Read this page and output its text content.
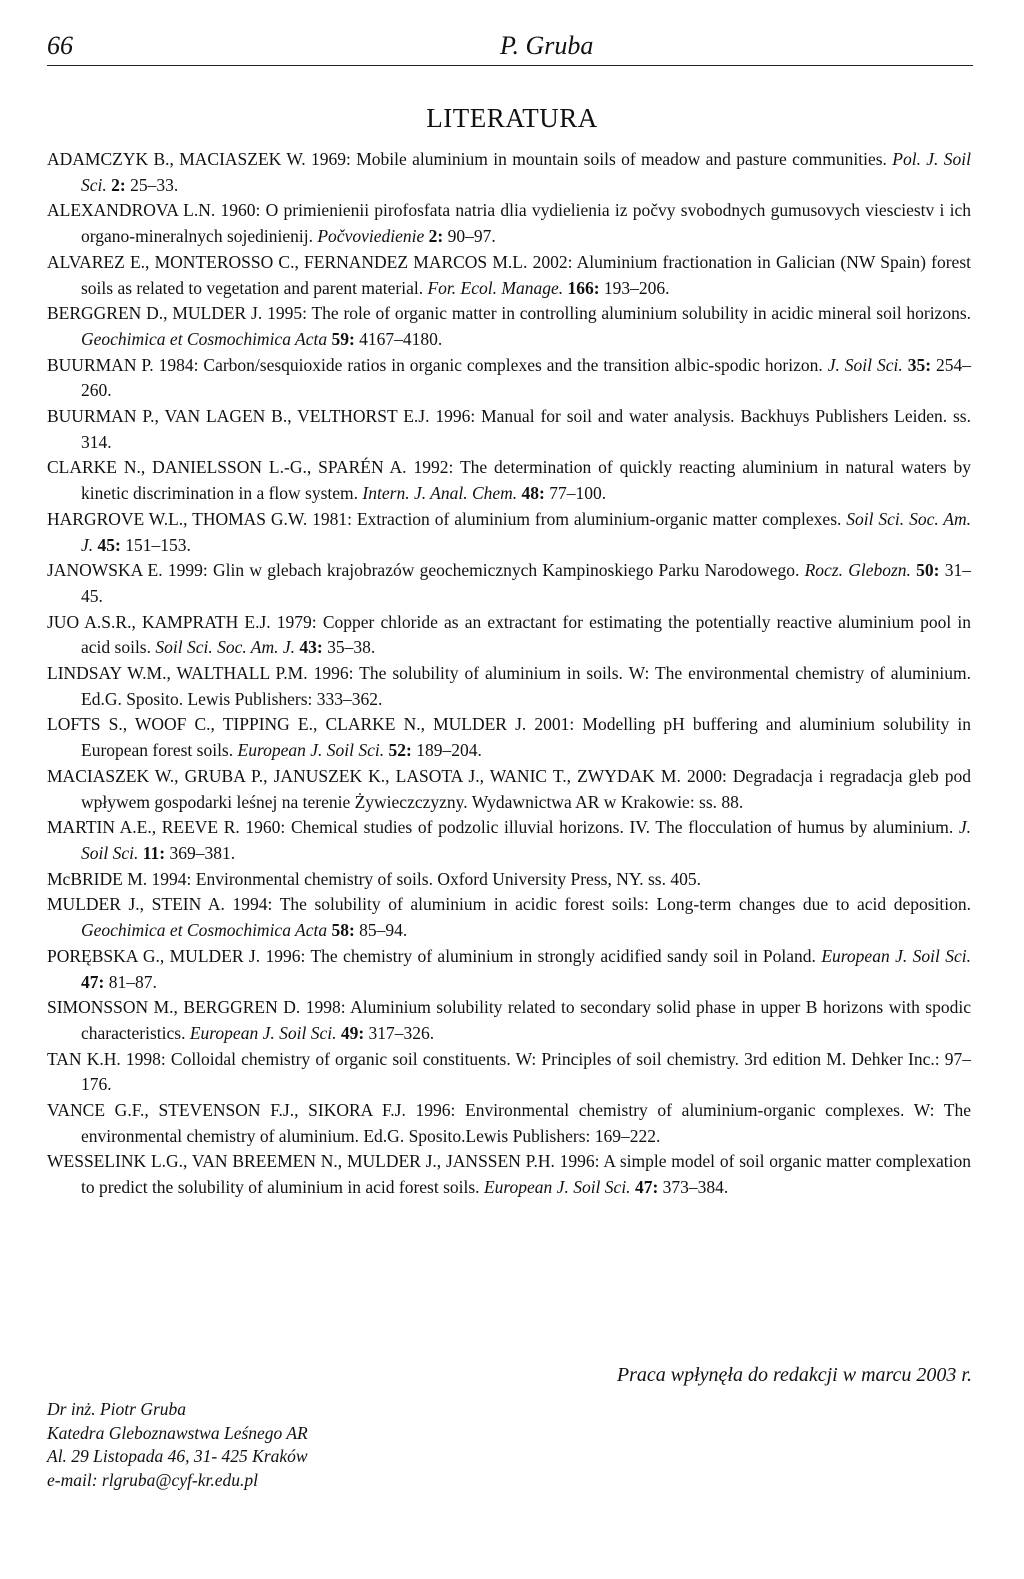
66	P. Gruba
LITERATURA
ADAMCZYK B., MACIASZEK W. 1969: Mobile aluminium in mountain soils of meadow and pasture communities. Pol. J. Soil Sci. 2: 25–33.
ALEXANDROVA L.N. 1960: O primienienii pirofosfata natria dlia vydielienia iz počvy svobodnych gumusovych viesciestv i ich organo-mineralnych sojedinienij. Počvoviedienie 2: 90–97.
ALVAREZ E., MONTEROSSO C., FERNANDEZ MARCOS M.L. 2002: Aluminium fractionation in Galician (NW Spain) forest soils as related to vegetation and parent material. For. Ecol. Manage. 166: 193–206.
BERGGREN D., MULDER J. 1995: The role of organic matter in controlling aluminium solubility in acidic mineral soil horizons. Geochimica et Cosmochimica Acta 59: 4167–4180.
BUURMAN P. 1984: Carbon/sesquioxide ratios in organic complexes and the transition albic-spodic horizon. J. Soil Sci. 35: 254–260.
BUURMAN P., VAN LAGEN B., VELTHORST E.J. 1996: Manual for soil and water analysis. Backhuys Publishers Leiden. ss. 314.
CLARKE N., DANIELSSON L.-G., SPARÉN A. 1992: The determination of quickly reacting aluminium in natural waters by kinetic discrimination in a flow system. Intern. J. Anal. Chem. 48: 77–100.
HARGROVE W.L., THOMAS G.W. 1981: Extraction of aluminium from aluminium-organic matter complexes. Soil Sci. Soc. Am. J. 45: 151–153.
JANOWSKA E. 1999: Glin w glebach krajobrazów geochemicznych Kampinoskiego Parku Narodowego. Rocz. Glebozn. 50: 31–45.
JUO A.S.R., KAMPRATH E.J. 1979: Copper chloride as an extractant for estimating the potentially reactive aluminium pool in acid soils. Soil Sci. Soc. Am. J. 43: 35–38.
LINDSAY W.M., WALTHALL P.M. 1996: The solubility of aluminium in soils. W: The environmental chemistry of aluminium. Ed.G. Sposito. Lewis Publishers: 333–362.
LOFTS S., WOOF C., TIPPING E., CLARKE N., MULDER J. 2001: Modelling pH buffering and aluminium solubility in European forest soils. European J. Soil Sci. 52: 189–204.
MACIASZEK W., GRUBA P., JANUSZEK K., LASOTA J., WANIC T., ZWYDAK M. 2000: Degradacja i regradacja gleb pod wpływem gospodarki leśnej na terenie Żywieczczyzny. Wydawnictwa AR w Krakowie: ss. 88.
MARTIN A.E., REEVE R. 1960: Chemical studies of podzolic illuvial horizons. IV. The flocculation of humus by aluminium. J. Soil Sci. 11: 369–381.
McBRIDE M. 1994: Environmental chemistry of soils. Oxford University Press, NY. ss. 405.
MULDER J., STEIN A. 1994: The solubility of aluminium in acidic forest soils: Long-term changes due to acid deposition. Geochimica et Cosmochimica Acta 58: 85–94.
PORĘBSKA G., MULDER J. 1996: The chemistry of aluminium in strongly acidified sandy soil in Poland. European J. Soil Sci. 47: 81–87.
SIMONSSON M., BERGGREN D. 1998: Aluminium solubility related to secondary solid phase in upper B horizons with spodic characteristics. European J. Soil Sci. 49: 317–326.
TAN K.H. 1998: Colloidal chemistry of organic soil constituents. W: Principles of soil chemistry. 3rd edition M. Dehker Inc.: 97–176.
VANCE G.F., STEVENSON F.J., SIKORA F.J. 1996: Environmental chemistry of aluminium-organic complexes. W: The environmental chemistry of aluminium. Ed.G. Sposito.Lewis Publishers: 169–222.
WESSELINK L.G., VAN BREEMEN N., MULDER J., JANSSEN P.H. 1996: A simple model of soil organic matter complexation to predict the solubility of aluminium in acid forest soils. European J. Soil Sci. 47: 373–384.
Praca wpłynęła do redakcji w marcu 2003 r.
Dr inż. Piotr Gruba
Katedra Gleboznawstwa Leśnego AR
Al. 29 Listopada 46, 31- 425 Kraków
e-mail: rlgruba@cyf-kr.edu.pl
